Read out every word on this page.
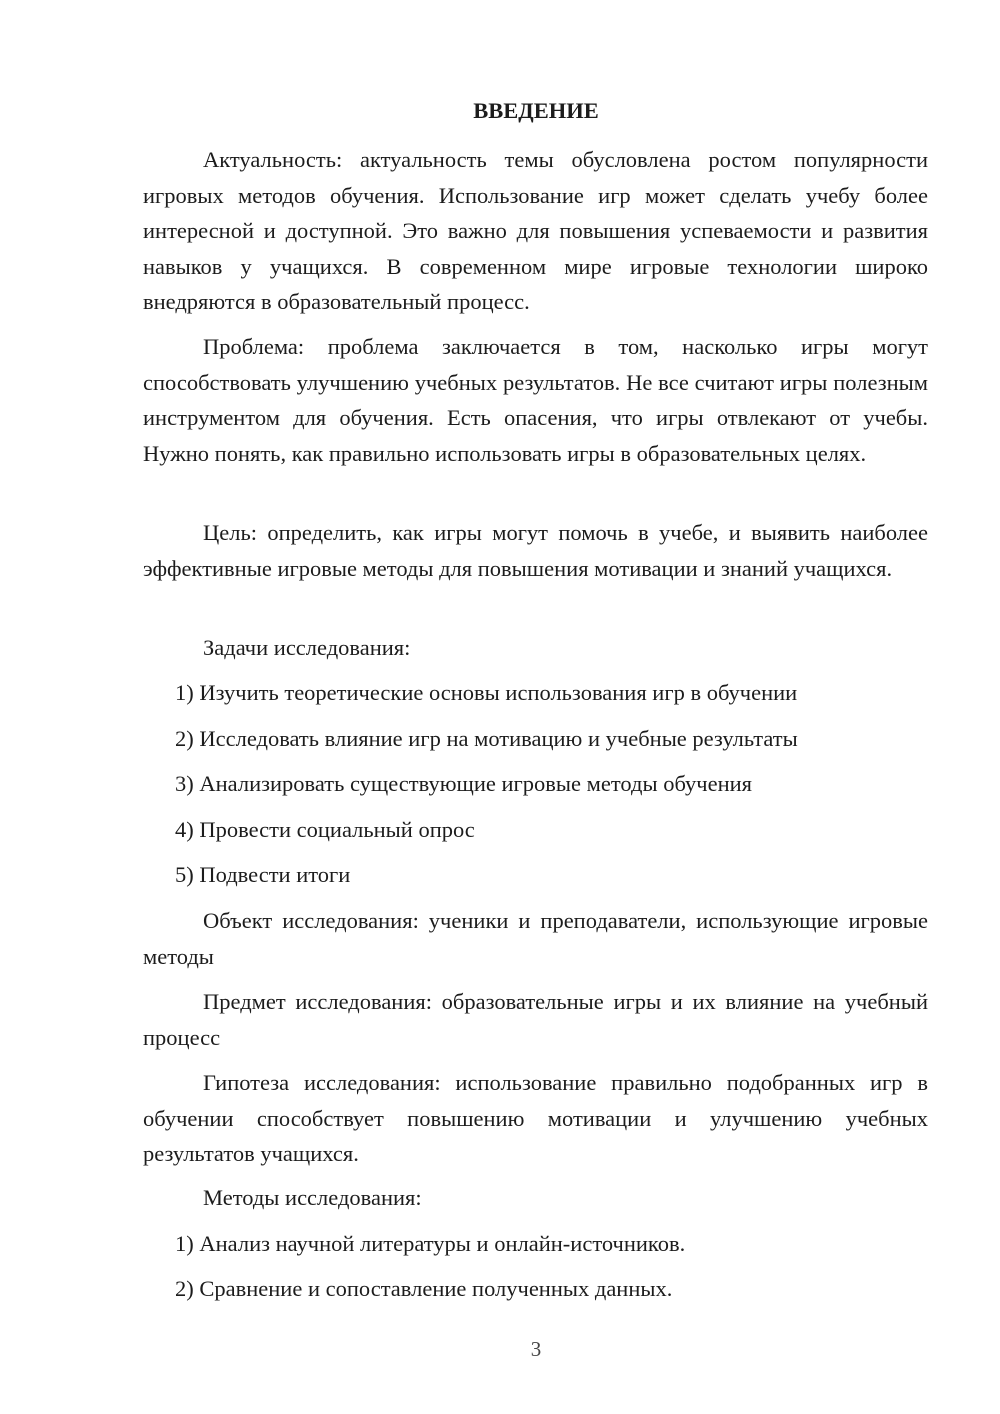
ВВЕДЕНИЕ

Актуальность: актуальность темы обусловлена ростом популярности игровых методов обучения. Использование игр может сделать учебу более интересной и доступной. Это важно для повышения успеваемости и развития навыков у учащихся. В современном мире игровые технологии широко внедряются в образовательный процесс.

Проблема: проблема заключается в том, насколько игры могут способствовать улучшению учебных результатов. Не все считают игры полезным инструментом для обучения. Есть опасения, что игры отвлекают от учебы. Нужно понять, как правильно использовать игры в образовательных целях.

Цель: определить, как игры могут помочь в учебе, и выявить наиболее эффективные игровые методы для повышения мотивации и знаний учащихся.

Задачи исследования:

1) Изучить теоретические основы использования игр в обучении

2) Исследовать влияние игр на мотивацию и учебные результаты

3) Анализировать существующие игровые методы обучения

4) Провести социальный опрос

5) Подвести итоги

Объект исследования: ученики и преподаватели, использующие игровые методы

Предмет исследования: образовательные игры и их влияние на учебный процесс

Гипотеза исследования: использование правильно подобранных игр в обучении способствует повышению мотивации и улучшению учебных результатов учащихся.

Методы исследования:

1) Анализ научной литературы и онлайн-источников.

2) Сравнение и сопоставление полученных данных.

3
